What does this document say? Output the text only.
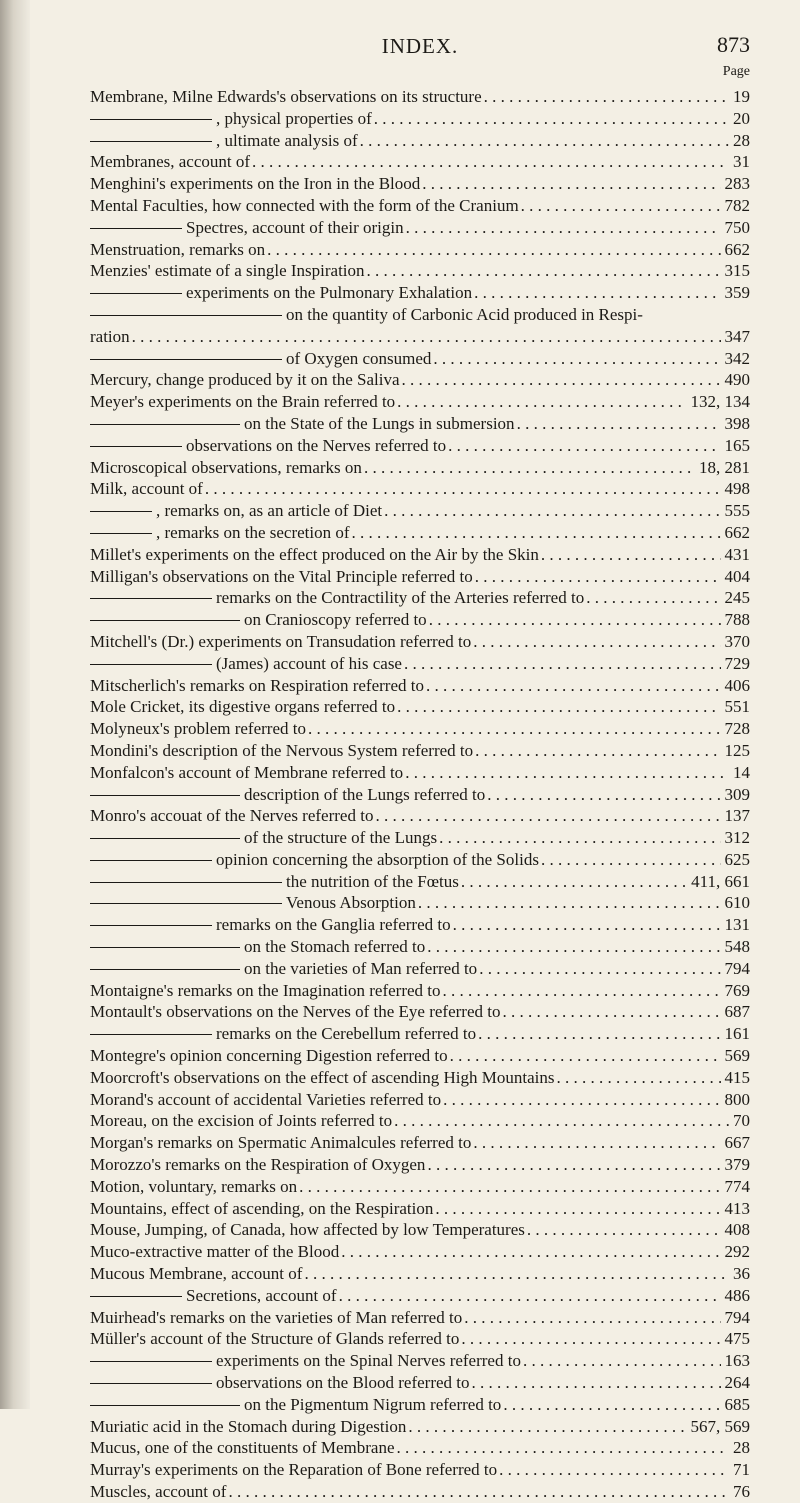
INDEX.	873
Page
Membrane, Milne Edwards's observations on its structure . . .	19
, physical properties of . . .	20
, ultimate analysis of . . .	28
Membranes, account of . . .	31
Menghini's experiments on the Iron in the Blood . . .	283
Mental Faculties, how connected with the form of the Cranium . . .	782
Spectres, account of their origin . . .	750
Menstruation, remarks on . . .	662
Menzies' estimate of a single Inspiration . . .	315
experiments on the Pulmonary Exhalation . . .	359
on the quantity of Carbonic Acid produced in Respi-
ration . . .	347
of Oxygen consumed . . .	342
Mercury, change produced by it on the Saliva . . .	490
Meyer's experiments on the Brain referred to . . .	132, 134
on the State of the Lungs in submersion . . .	398
observations on the Nerves referred to . . .	165
Microscopical observations, remarks on . . .	18, 281
Milk, account of . . .	498
, remarks on, as an article of Diet . . .	555
, remarks on the secretion of . . .	662
Millet's experiments on the effect produced on the Air by the Skin . . .	431
Milligan's observations on the Vital Principle referred to . . .	404
remarks on the Contractility of the Arteries referred to . . .	245
on Cranioscopy referred to . . .	788
Mitchell's (Dr.) experiments on Transudation referred to . . .	370
(James) account of his case . . .	729
Mitscherlich's remarks on Respiration referred to . . .	406
Mole Cricket, its digestive organs referred to . . .	551
Molyneux's problem referred to . . .	728
Mondini's description of the Nervous System referred to . . .	125
Monfalcon's account of Membrane referred to . . .	14
description of the Lungs referred to . . .	309
Monro's accouat of the Nerves referred to . . .	137
of the structure of the Lungs . . .	312
opinion concerning the absorption of the Solids . . .	625
the nutrition of the Fœtus . . .	411, 661
Venous Absorption . . .	610
remarks on the Ganglia referred to . . .	131
on the Stomach referred to . . .	548
on the varieties of Man referred to . . .	794
Montaigne's remarks on the Imagination referred to . . .	769
Montault's observations on the Nerves of the Eye referred to . . .	687
remarks on the Cerebellum referred to . . .	161
Montegre's opinion concerning Digestion referred to . . .	569
Moorcroft's observations on the effect of ascending High Mountains . . .	415
Morand's account of accidental Varieties referred to . . .	800
Moreau, on the excision of Joints referred to . . .	70
Morgan's remarks on Spermatic Animalcules referred to . . .	667
Morozzo's remarks on the Respiration of Oxygen . . .	379
Motion, voluntary, remarks on . . .	774
Mountains, effect of ascending, on the Respiration . . .	413
Mouse, Jumping, of Canada, how affected by low Temperatures . . .	408
Muco-extractive matter of the Blood . . .	292
Mucous Membrane, account of . . .	36
Secretions, account of . . .	486
Muirhead's remarks on the varieties of Man referred to . . .	794
Müller's account of the Structure of Glands referred to . . .	475
experiments on the Spinal Nerves referred to . . .	163
observations on the Blood referred to . . .	264
on the Pigmentum Nigrum referred to . . .	685
Muriatic acid in the Stomach during Digestion . . .	567, 569
Mucus, one of the constituents of Membrane . . .	28
Murray's experiments on the Reparation of Bone referred to . . .	71
Muscles, account of . . .	76
